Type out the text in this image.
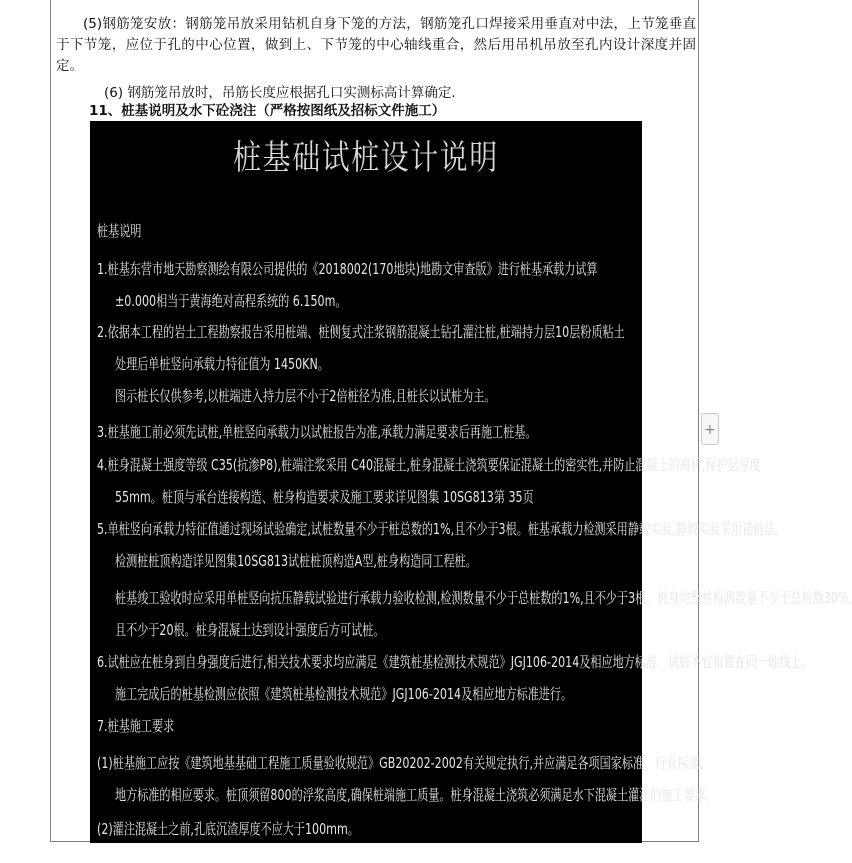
(5)钢筋笼安放：钢筋笼吊放采用钻机自身下笼的方法，钢筋笼孔口焊接采用垂直对中法，上节笼垂直于下节笼，应位于孔的中心位置，做到上、下节笼的中心轴线重合，然后用吊机吊放至孔内设计深度并固定。
(6) 钢筋笼吊放时，吊筋长度应根据孔口实测标高计算确定.
11、桩基说明及水下砼浇注（严格按图纸及招标文件施工）
桩基础试桩设计说明
桩基说明
1.桩基东营市地天勘察测绘有限公司提供的《2018002(170地块)地勘文审查版》进行桩基承载力试算
±0.000相当于黄海绝对高程系统的 6.150m。
2.依据本工程的岩土工程勘察报告采用桩端、桩侧复式注浆钢筋混凝土钻孔灌注桩,桩端持力层10层粉质粘土
处理后单桩竖向承载力特征值为 1450KN。
图示桩长仅供参考,以桩端进入持力层不小于2倍桩径为准,且桩长以试桩为主。
3.桩基施工前必须先试桩,单桩竖向承载力以试桩报告为准,承载力满足要求后再施工桩基。
4.桩身混凝土强度等级 C35(抗渗P8),桩端注浆采用 C40混凝土,桩身混凝土浇筑要保证混凝土的密实性,并防止混凝土的离析,保护层厚度
55mm。桩顶与承台连接构造、桩身构造要求及施工要求详见图集 10SG813第 35页
5.单桩竖向承载力特征值通过现场试验确定,试桩数量不少于桩总数的1%,且不少于3根。桩基承载力检测采用静载实验,静载实验采用锚桩法。
检测桩桩顶构造详见图集10SG813试桩桩顶构造A型,桩身构造同工程桩。
桩基竣工验收时应采用单桩竖向抗压静载试验进行承载力验收检测,检测数量不少于总桩数的1%,且不少于3根。桩身完整性检测数量不少于总桩数30%,
且不少于20根。桩身混凝土达到设计强度后方可试桩。
6.试桩应在桩身到自身强度后进行,相关技术要求均应满足《建筑桩基检测技术规范》JGJ106-2014及相应地方标准。试桩不宜布置在同一轴线上。
施工完成后的桩基检测应依照《建筑桩基检测技术规范》JGJ106-2014及相应地方标准进行。
7.桩基施工要求
(1)桩基施工应按《建筑地基基础工程施工质量验收规范》GB20202-2002有关规定执行,并应满足各项国家标准、行业标准、
地方标准的相应要求。桩顶须留800的浮浆高度,确保桩端施工质量。桩身混凝土浇筑必须满足水下混凝土灌注的施工要求。
(2)灌注混凝土之前,孔底沉渣厚度不应大于100mm。
+
